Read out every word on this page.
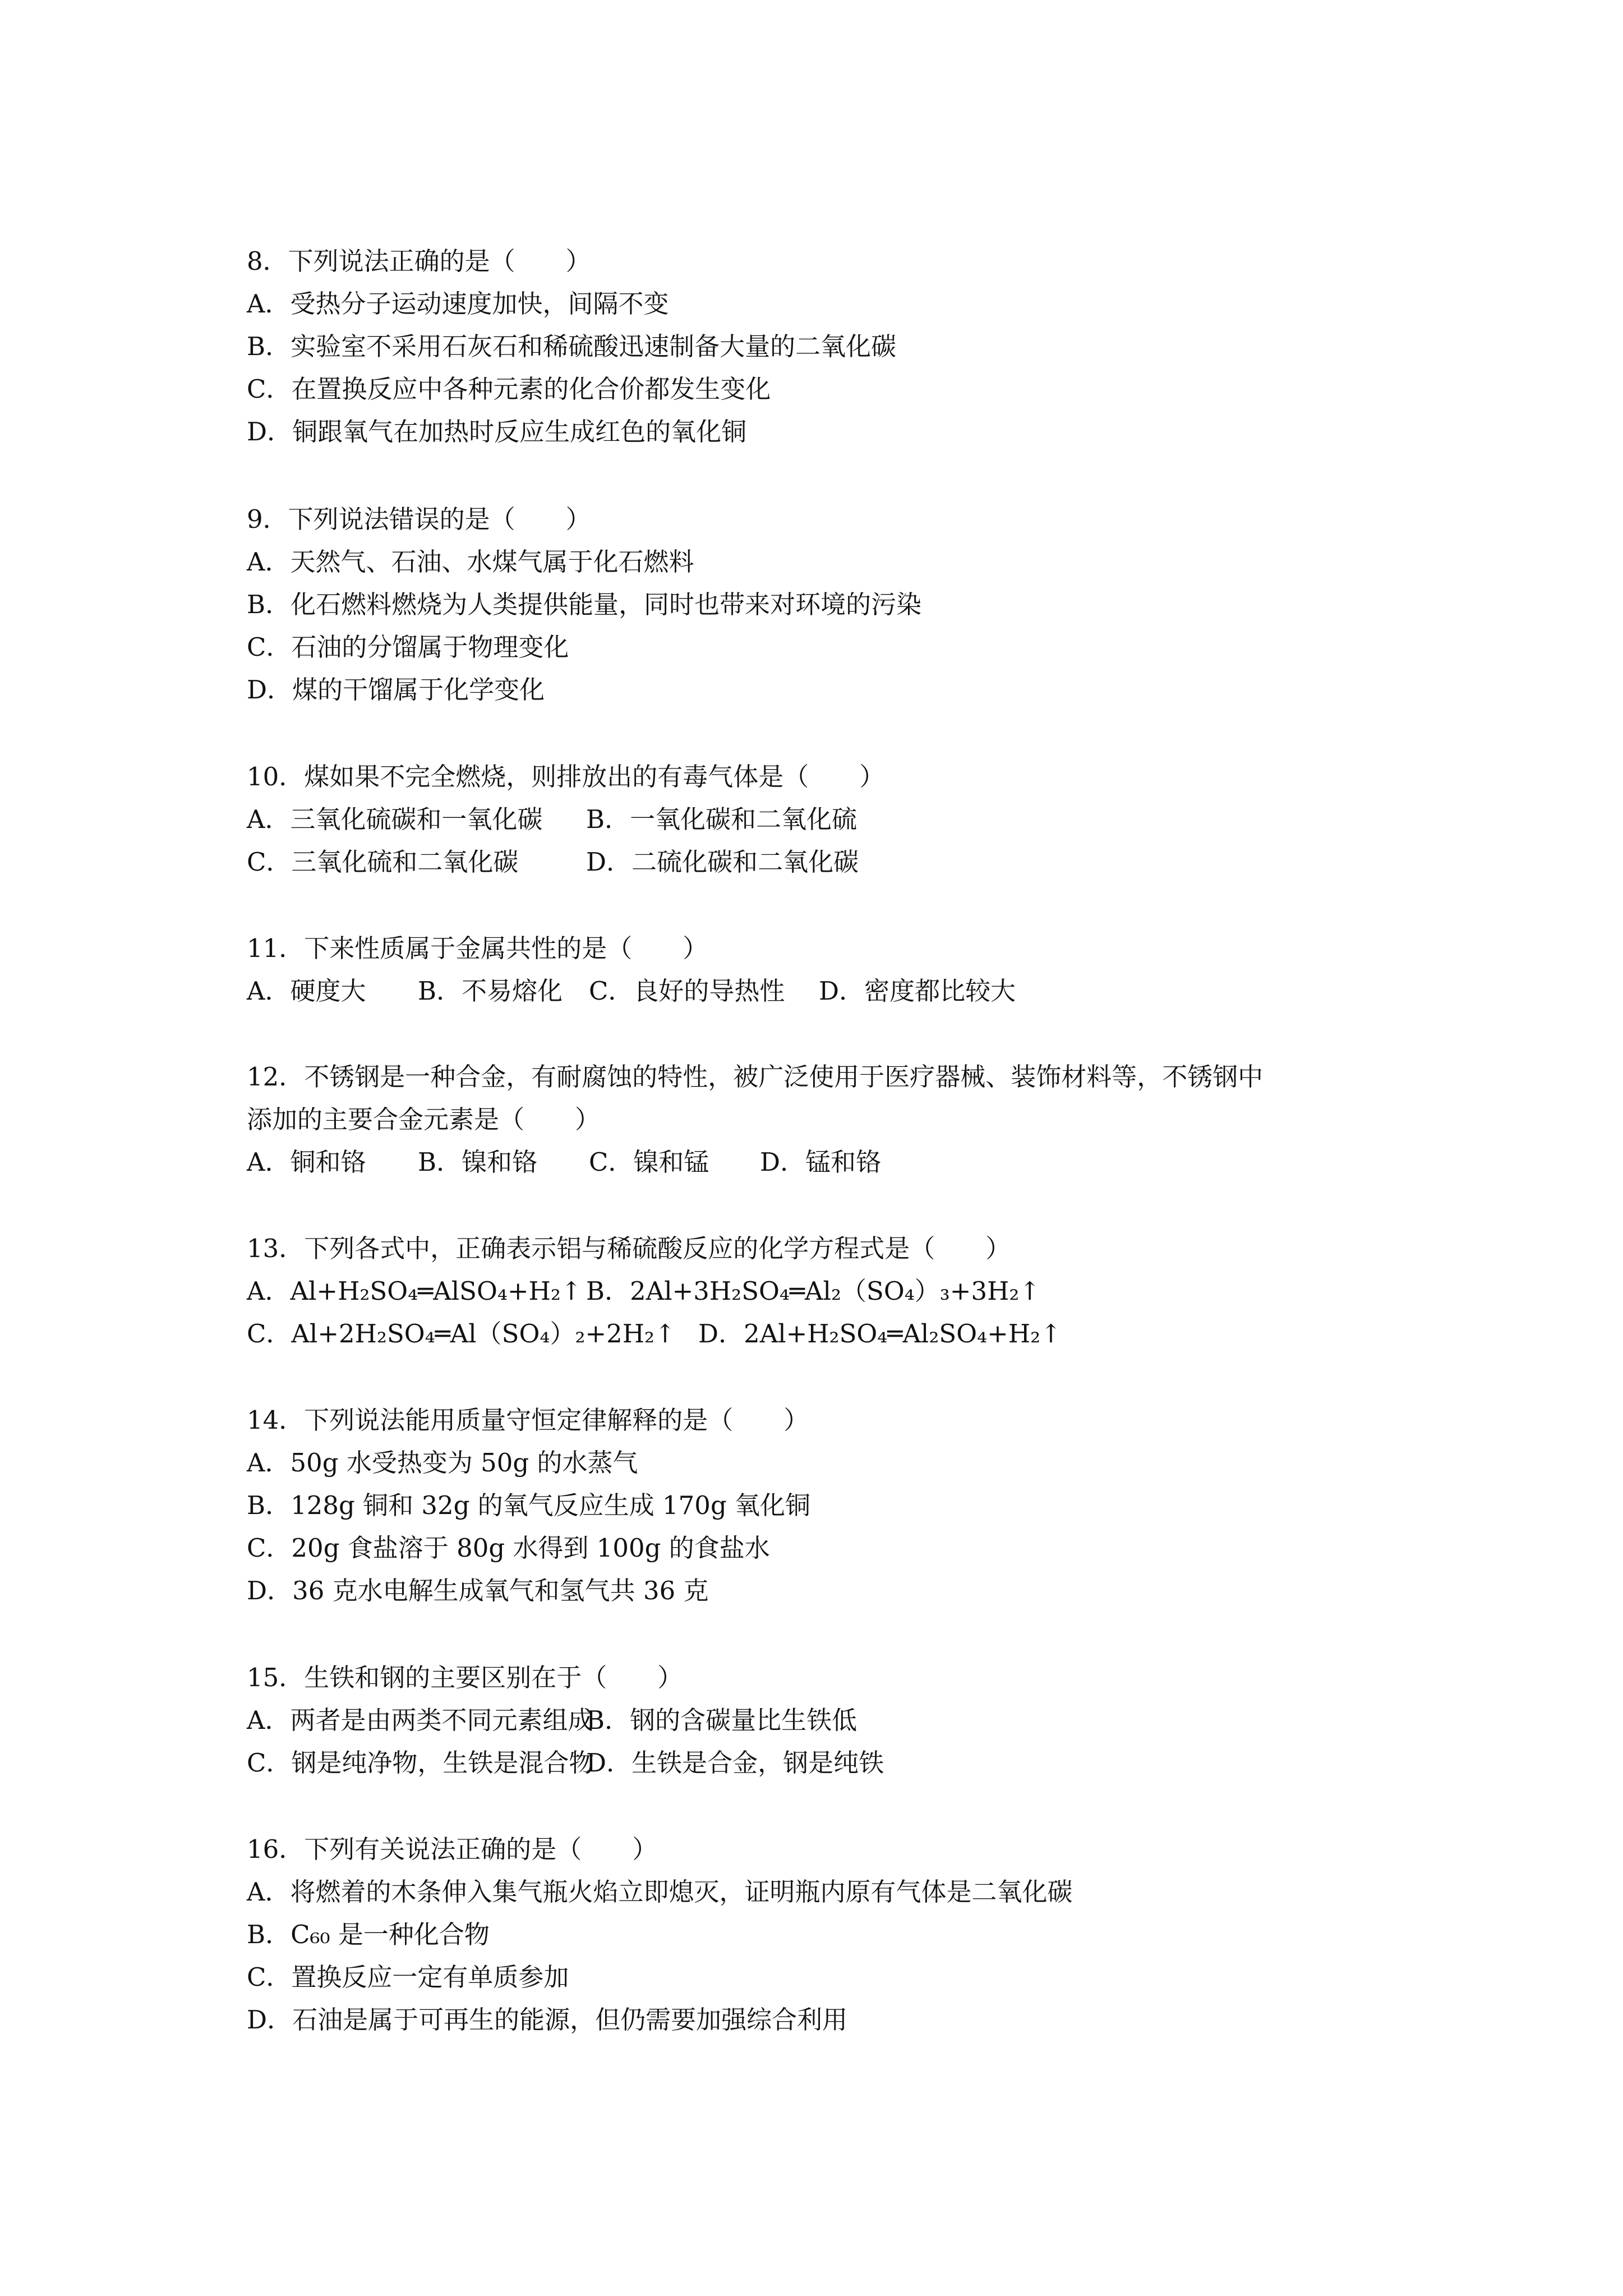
8．下列说法正确的是（　　）
A．受热分子运动速度加快，间隔不变
B．实验室不采用石灰石和稀硫酸迅速制备大量的二氧化碳
C．在置换反应中各种元素的化合价都发生变化
D．铜跟氧气在加热时反应生成红色的氧化铜
9．下列说法错误的是（　　）
A．天然气、石油、水煤气属于化石燃料
B．化石燃料燃烧为人类提供能量，同时也带来对环境的污染
C．石油的分馏属于物理变化
D．煤的干馏属于化学变化
10．煤如果不完全燃烧，则排放出的有毒气体是（　　）
A．三氧化硫碳和一氧化碳 B．一氧化碳和二氧化硫
C．三氧化硫和二氧化碳	D．二硫化碳和二氧化碳
11．下来性质属于金属共性的是（　　）
A．硬度大 B．不易熔化 C．良好的导热性 D．密度都比较大
12．不锈钢是一种合金，有耐腐蚀的特性，被广泛使用于医疗器械、装饰材料等，不锈钢中
添加的主要合金元素是（　　）
A．铜和铬 B．镍和铬 C．镍和锰 D．锰和铬
13．下列各式中，正确表示铝与稀硫酸反应的化学方程式是（　　）
A．Al+H₂SO₄═AlSO₄+H₂↑ B．2Al+3H₂SO₄═Al₂（SO₄）₃+3H₂↑
C．Al+2H₂SO₄═Al（SO₄）₂+2H₂↑ D．2Al+H₂SO₄═Al₂SO₄+H₂↑
14．下列说法能用质量守恒定律解释的是（　　）
A．50g 水受热变为 50g 的水蒸气
B．128g 铜和 32g 的氧气反应生成 170g 氧化铜
C．20g 食盐溶于 80g 水得到 100g 的食盐水
D．36 克水电解生成氧气和氢气共 36 克
15．生铁和钢的主要区别在于（　　）
A．两者是由两类不同元素组成B．钢的含碳量比生铁低
C．钢是纯净物，生铁是混合物D．生铁是合金，钢是纯铁
16．下列有关说法正确的是（　　）
A．将燃着的木条伸入集气瓶火焰立即熄灭，证明瓶内原有气体是二氧化碳
B．C₆₀ 是一种化合物
C．置换反应一定有单质参加
D．石油是属于可再生的能源，但仍需要加强综合利用
